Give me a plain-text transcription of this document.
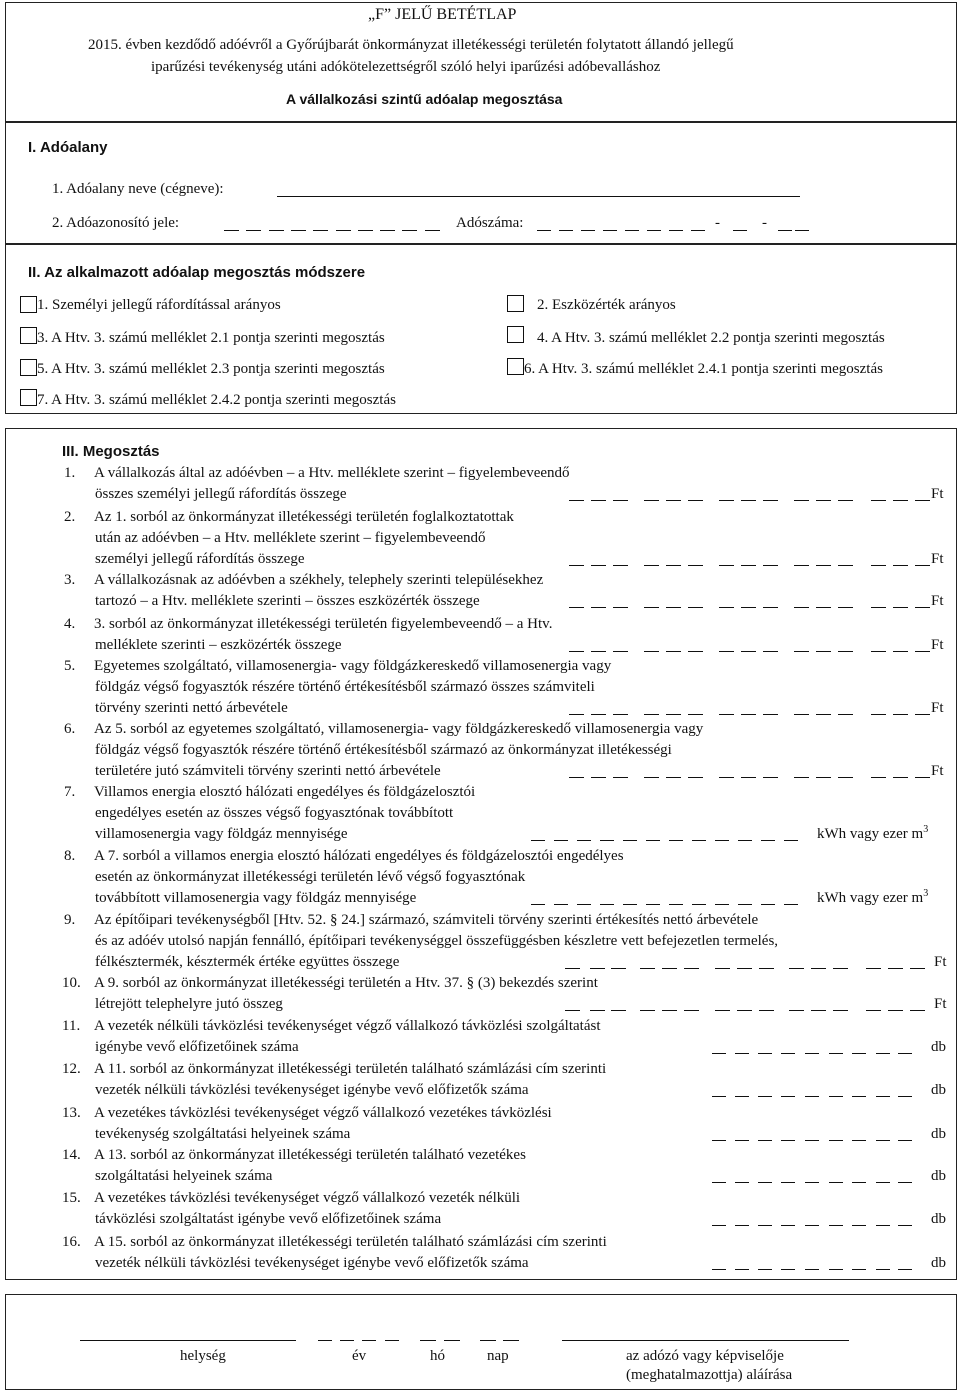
„F” JELŰ BETÉTLAP
2015. évben kezdődő adóévről a Győrújbarát önkormányzat illetékességi területén folytatott állandó jellegű
iparűzési tevékenység utáni adókötelezettségről szóló helyi iparűzési adóbevalláshoz
A vállalkozási szintű adóalap megosztása
I. Adóalany
1. Adóalany neve (cégneve):
2. Adóazonosító jele:	Adószáma:	-	-
II. Az alkalmazott adóalap megosztás módszere
1. Személyi jellegű ráfordítással arányos	2. Eszközérték arányos
3. A Htv. 3. számú melléklet 2.1 pontja szerinti megosztás	4. A Htv. 3. számú melléklet 2.2 pontja szerinti megosztás
5. A Htv. 3. számú melléklet 2.3 pontja szerinti megosztás	6. A Htv. 3. számú melléklet 2.4.1 pontja szerinti megosztás
7. A Htv. 3. számú melléklet 2.4.2 pontja szerinti megosztás
III. Megosztás
1. A vállalkozás által az adóévben – a Htv. melléklete szerint – figyelembeveendő
összes személyi jellegű ráfordítás összege	Ft
2. Az 1. sorból az önkormányzat illetékességi területén foglalkoztatottak
után az adóévben – a Htv. melléklete szerint – figyelembeveendő
személyi jellegű ráfordítás összege	Ft
3. A vállalkozásnak az adóévben a székhely, telephely szerinti településekhez
tartozó – a Htv. melléklete szerinti – összes eszközérték összege	Ft
4. 3. sorból az önkormányzat illetékességi területén figyelembeveendő – a Htv.
melléklete szerinti – eszközérték összege	Ft
5. Egyetemes szolgáltató, villamosenergia- vagy földgázkereskedő villamosenergia vagy
földgáz végső fogyasztók részére történő értékesítésből származó összes számviteli
törvény szerinti nettó árbevétele	Ft
6. Az 5. sorból az egyetemes szolgáltató, villamosenergia- vagy földgázkereskedő villamosenergia vagy
földgáz végső fogyasztók részére történő értékesítésből származó az önkormányzat illetékességi
területére jutó számviteli törvény szerinti nettó árbevétele	Ft
7. Villamos energia elosztó hálózati engedélyes és földgázelosztói
engedélyes esetén az összes végső fogyasztónak továbbított
villamosenergia vagy földgáz mennyisége	kWh vagy ezer $m^3$
8. A 7. sorból a villamos energia elosztó hálózati engedélyes és földgázelosztói engedélyes
esetén az önkormányzat illetékességi területén lévő végső fogyasztónak
továbbított villamosenergia vagy földgáz mennyisége	kWh vagy ezer $m^3$
9. Az építőipari tevékenységből [Htv. 52. § 24.] származó, számviteli törvény szerinti értékesítés nettó árbevétele
és az adóév utolsó napján fennálló, építőipari tevékenységgel összefüggésben készletre vett befejezetlen termelés,
félkésztermék, késztermék értéke együttes összege	Ft
10. A 9. sorból az önkormányzat illetékességi területén a Htv. 37. § (3) bekezdés szerint
létrejött telephelyre jutó összeg	Ft
11. A vezeték nélküli távközlési tevékenységet végző vállalkozó távközlési szolgáltatást
igénybe vevő előfizetőinek száma	db
12. A 11. sorból az önkormányzat illetékességi területén található számlázási cím szerinti
vezeték nélküli távközlési tevékenységet igénybe vevő előfizetők száma	db
13. A vezetékes távközlési tevékenységet végző vállalkozó vezetékes távközlési
tevékenység szolgáltatási helyeinek száma	db
14. A 13. sorból az önkormányzat illetékességi területén található vezetékes
szolgáltatási helyeinek száma	db
15. A vezetékes távközlési tevékenységet végző vállalkozó vezeték nélküli
távközlési szolgáltatást igénybe vevő előfizetőinek száma	db
16. A 15. sorból az önkormányzat illetékességi területén található számlázási cím szerinti
vezeték nélküli távközlési tevékenységet igénybe vevő előfizetők száma	db
helység	év	hó	nap	az adózó vagy képviselője
(meghatalmazottja) aláírása
